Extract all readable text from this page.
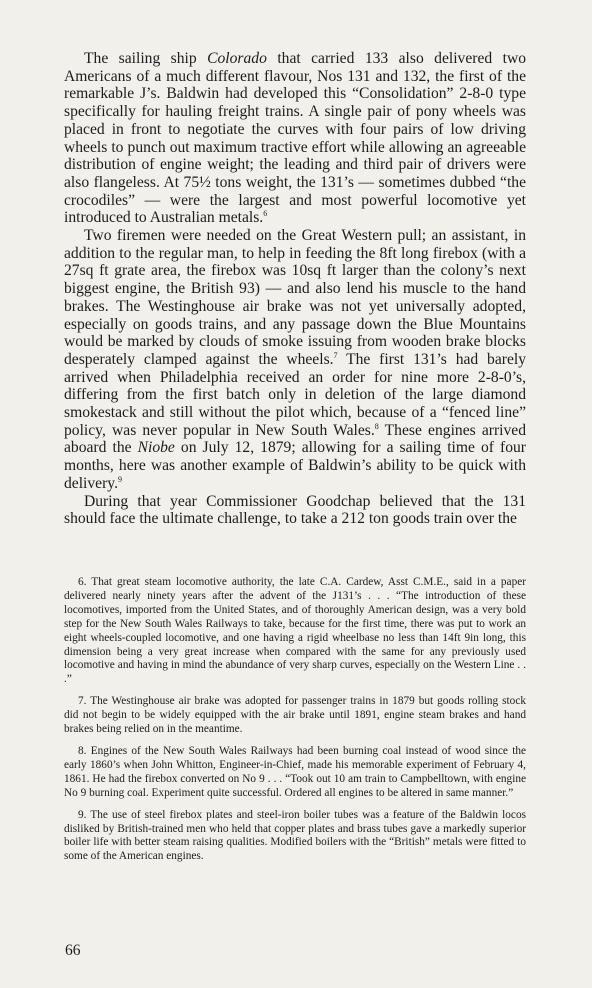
The sailing ship Colorado that carried 133 also delivered two Americans of a much different flavour, Nos 131 and 132, the first of the remarkable J’s. Baldwin had developed this “Consolidation” 2-8-0 type specifically for hauling freight trains. A single pair of pony wheels was placed in front to negotiate the curves with four pairs of low driving wheels to punch out maximum tractive effort while allowing an agreeable distribution of engine weight; the leading and third pair of drivers were also flangeless. At 75½ tons weight, the 131’s — sometimes dubbed “the crocodiles” — were the largest and most powerful locomotive yet introduced to Australian metals.$^6$

Two firemen were needed on the Great Western pull; an assistant, in addition to the regular man, to help in feeding the 8ft long firebox (with a 27sq ft grate area, the firebox was 10sq ft larger than the colony’s next biggest engine, the British 93) — and also lend his muscle to the hand brakes. The Westinghouse air brake was not yet universally adopted, especially on goods trains, and any passage down the Blue Mountains would be marked by clouds of smoke issuing from wooden brake blocks desperately clamped against the wheels.$^7$ The first 131’s had barely arrived when Philadelphia received an order for nine more 2-8-0’s, differing from the first batch only in deletion of the large diamond smokestack and still without the pilot which, because of a “fenced line” policy, was never popular in New South Wales.$^8$ These engines arrived aboard the Niobe on July 12, 1879; allowing for a sailing time of four months, here was another example of Baldwin’s ability to be quick with delivery.$^9$

During that year Commissioner Goodchap believed that the 131 should face the ultimate challenge, to take a 212 ton goods train over the

6. That great steam locomotive authority, the late C.A. Cardew, Asst C.M.E., said in a paper delivered nearly ninety years after the advent of the J131’s . . . “The introduction of these locomotives, imported from the United States, and of thoroughly American design, was a very bold step for the New South Wales Railways to take, because for the first time, there was put to work an eight wheels-coupled locomotive, and one having a rigid wheelbase no less than 14ft 9in long, this dimension being a very great increase when compared with the same for any previously used locomotive and having in mind the abundance of very sharp curves, especially on the Western Line . . .”

7. The Westinghouse air brake was adopted for passenger trains in 1879 but goods rolling stock did not begin to be widely equipped with the air brake until 1891, engine steam brakes and hand brakes being relied on in the meantime.

8. Engines of the New South Wales Railways had been burning coal instead of wood since the early 1860’s when John Whitton, Engineer-in-Chief, made his memorable experiment of February 4, 1861. He had the firebox converted on No 9 . . . “Took out 10 am train to Campbelltown, with engine No 9 burning coal. Experiment quite successful. Ordered all engines to be altered in same manner.”

9. The use of steel firebox plates and steel-iron boiler tubes was a feature of the Baldwin locos disliked by British-trained men who held that copper plates and brass tubes gave a markedly superior boiler life with better steam raising qualities. Modified boilers with the “British” metals were fitted to some of the American engines.

66
